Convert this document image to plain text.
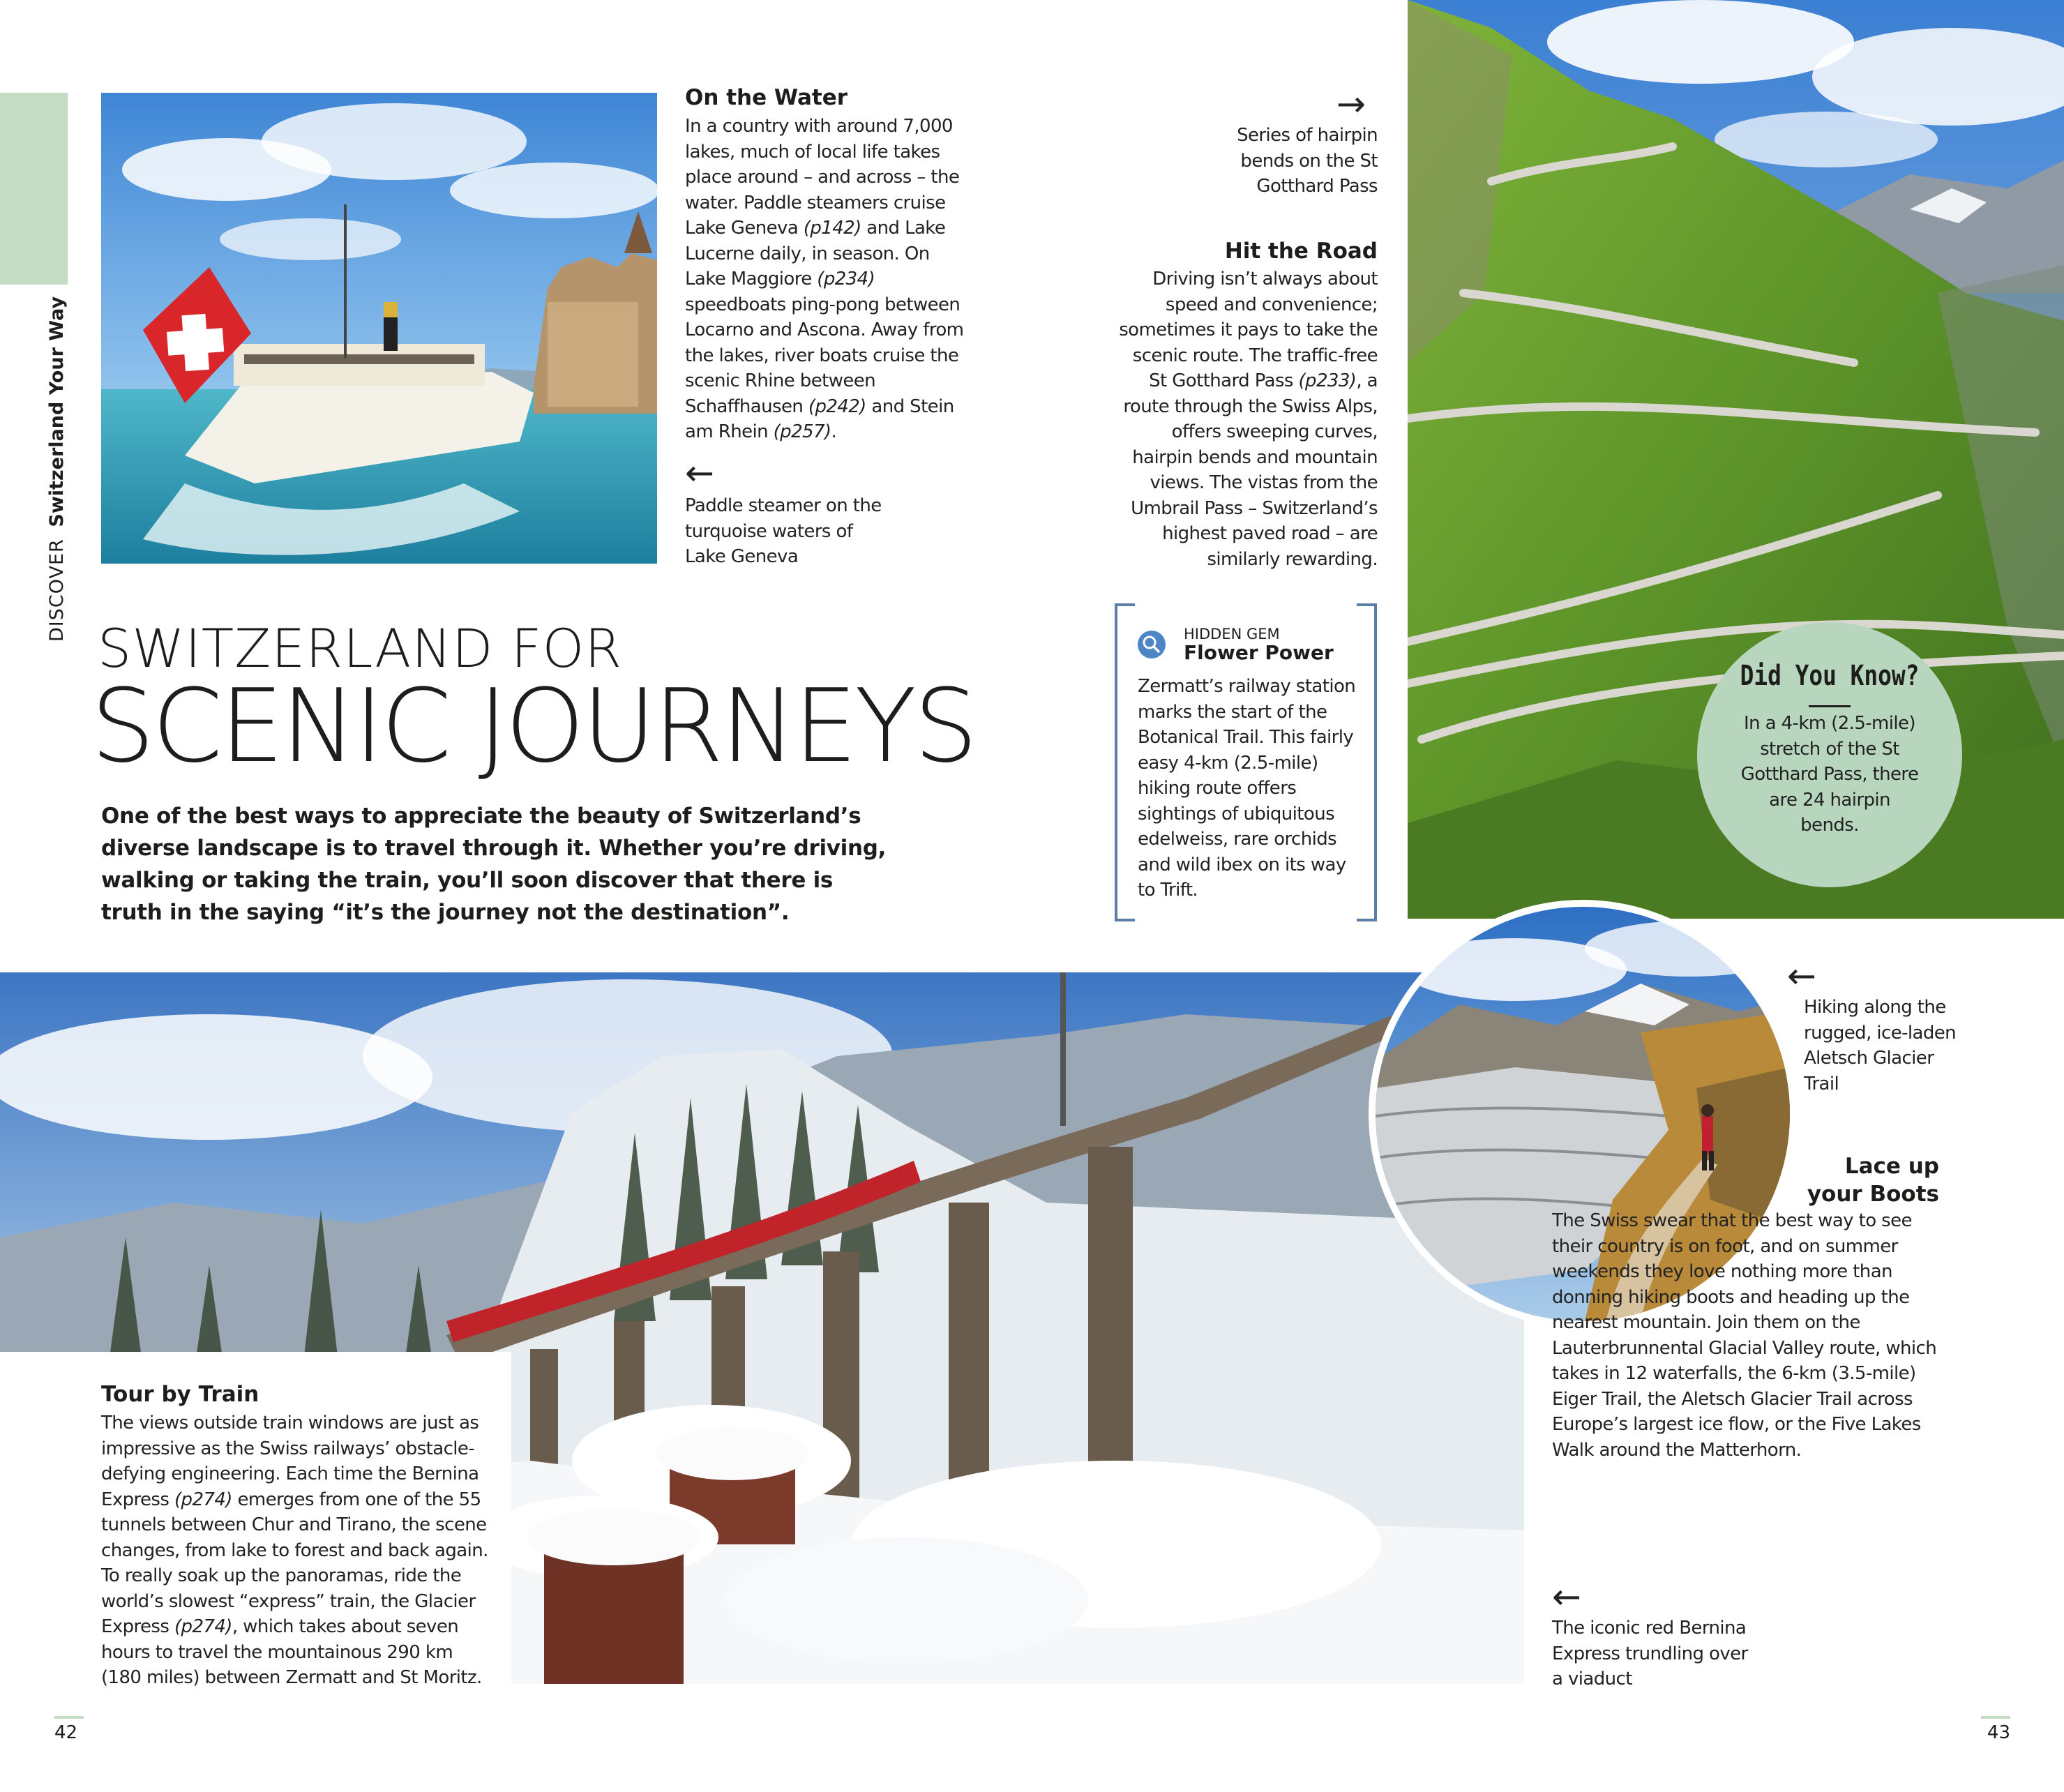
DISCOVER Switzerland Your Way
On the Water
In a country with around 7,000 lakes, much of local life takes place around – and across – the water. Paddle steamers cruise Lake Geneva (p142) and Lake Lucerne daily, in season. On Lake Maggiore (p234) speedboats ping-pong between Locarno and Ascona. Away from the lakes, river boats cruise the scenic Rhine between Schaffhausen (p242) and Stein am Rhein (p257).
←
Paddle steamer on the turquoise waters of Lake Geneva
SWITZERLAND FOR
SCENIC JOURNEYS
One of the best ways to appreciate the beauty of Switzerland’s diverse landscape is to travel through it. Whether you’re driving, walking or taking the train, you’ll soon discover that there is truth in the saying “it’s the journey not the destination”.
→
Series of hairpin bends on the St Gotthard Pass
Hit the Road
Driving isn’t always about speed and convenience; sometimes it pays to take the scenic route. The traffic-free St Gotthard Pass (p233), a route through the Swiss Alps, offers sweeping curves, hairpin bends and mountain views. The vistas from the Umbrail Pass – Switzerland’s highest paved road – are similarly rewarding.
HIDDEN GEM
Flower Power
Zermatt’s railway station marks the start of the Botanical Trail. This fairly easy 4-km (2.5-mile) hiking route offers sightings of ubiquitous edelweiss, rare orchids and wild ibex on its way to Trift.
Did You Know?
In a 4-km (2.5-mile) stretch of the St Gotthard Pass, there are 24 hairpin bends.
Tour by Train
The views outside train windows are just as impressive as the Swiss railways’ obstacle-defying engineering. Each time the Bernina Express (p274) emerges from one of the 55 tunnels between Chur and Tirano, the scene changes, from lake to forest and back again. To really soak up the panoramas, ride the world’s slowest “express” train, the Glacier Express (p274), which takes about seven hours to travel the mountainous 290 km (180 miles) between Zermatt and St Moritz.
←
Hiking along the rugged, ice-laden Aletsch Glacier Trail
Lace up your Boots
The Swiss swear that the best way to see their country is on foot, and on summer weekends they love nothing more than donning hiking boots and heading up the nearest mountain. Join them on the Lauterbrunnental Glacial Valley route, which takes in 12 waterfalls, the 6-km (3.5-mile) Eiger Trail, the Aletsch Glacier Trail across Europe’s largest ice flow, or the Five Lakes Walk around the Matterhorn.
←
The iconic red Bernina Express trundling over a viaduct
42	43
